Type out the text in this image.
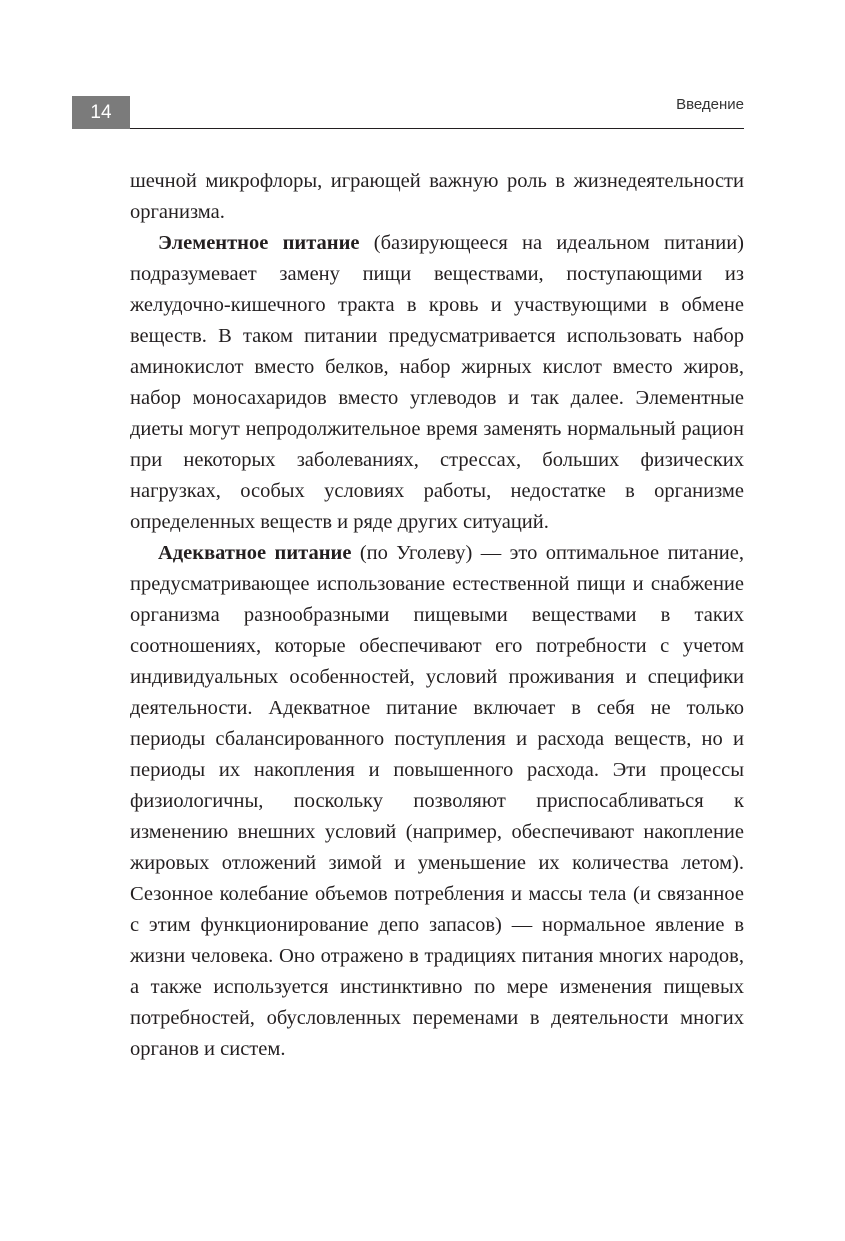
14	Введение

шечной микрофлоры, играющей важную роль в жизнедеятельности организма.

Элементное питание (базирующееся на идеальном питании) подразумевает замену пищи веществами, поступающими из желудочно-кишечного тракта в кровь и участвующими в обмене веществ. В таком питании предусматривается использовать набор аминокислот вместо белков, набор жирных кислот вместо жиров, набор моносахаридов вместо углеводов и так далее. Элементные диеты могут непродолжительное время заменять нормальный рацион при некоторых заболеваниях, стрессах, больших физических нагрузках, особых условиях работы, недостатке в организме определенных веществ и ряде других ситуаций.

Адекватное питание (по Уголеву) — это оптимальное питание, предусматривающее использование естественной пищи и снабжение организма разнообразными пищевыми веществами в таких соотношениях, которые обеспечивают его потребности с учетом индивидуальных особенностей, условий проживания и специфики деятельности. Адекватное питание включает в себя не только периоды сбалансированного поступления и расхода веществ, но и периоды их накопления и повышенного расхода. Эти процессы физиологичны, поскольку позволяют приспосабливаться к изменению внешних условий (например, обеспечивают накопление жировых отложений зимой и уменьшение их количества летом). Сезонное колебание объемов потребления и массы тела (и связанное с этим функционирование депо запасов) — нормальное явление в жизни человека. Оно отражено в традициях питания многих народов, а также используется инстинктивно по мере изменения пищевых потребностей, обусловленных переменами в деятельности многих органов и систем.
